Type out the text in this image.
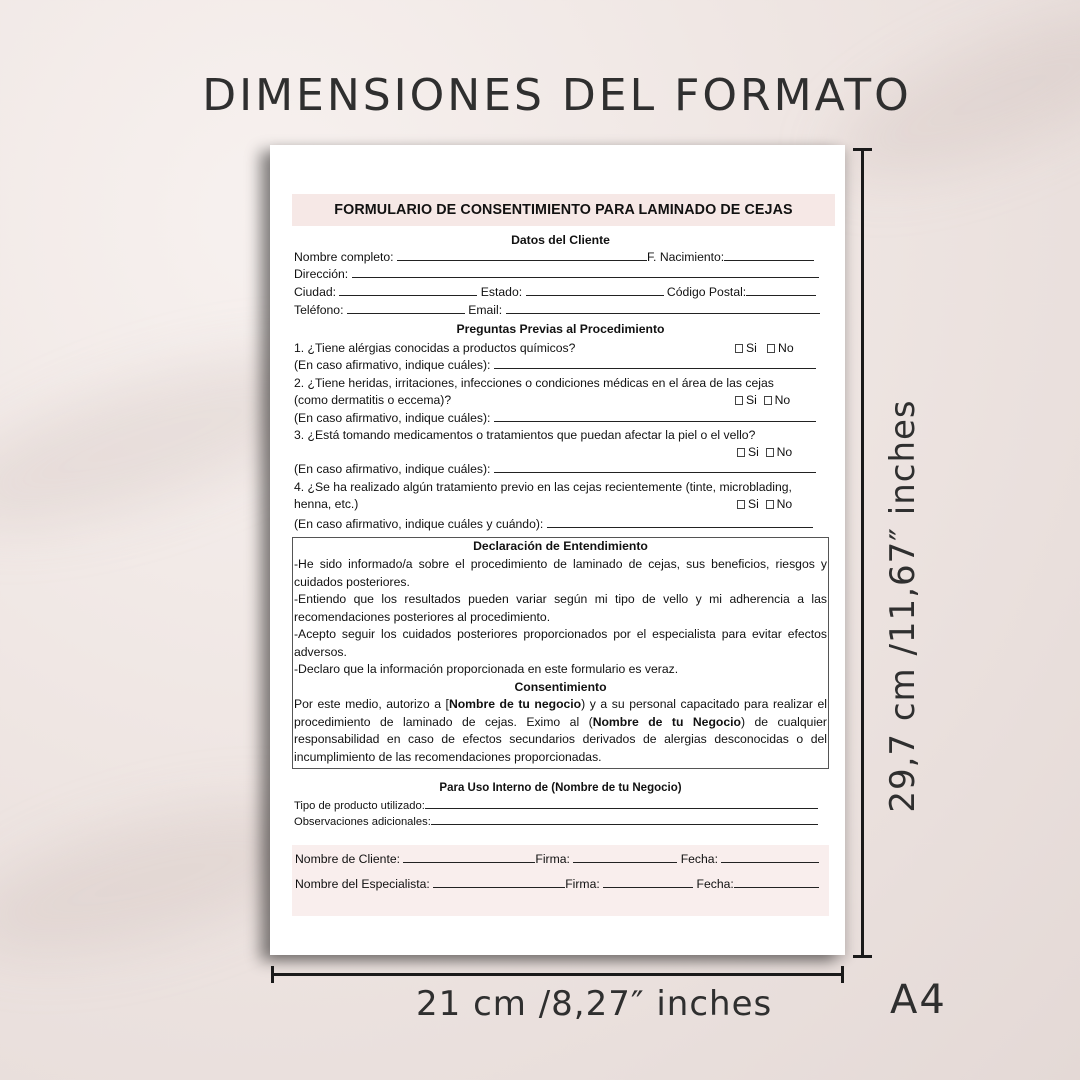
DIMENSIONES DEL FORMATO
FORMULARIO DE CONSENTIMIENTO PARA LAMINADO DE CEJAS
Datos del Cliente
Nombre completo:	F. Nacimiento:
Dirección:
Ciudad:	Estado:	Código Postal:
Teléfono:	Email:
Preguntas Previas al Procedimiento
1. ¿Tiene alérgias conocidas a productos químicos?	Si No
(En caso afirmativo, indique cuáles):
2. ¿Tiene heridas, irritaciones, infecciones o condiciones médicas en el área de las cejas
(como dermatitis o eccema)?	Si No
(En caso afirmativo, indique cuáles):
3. ¿Está tomando medicamentos o tratamientos que puedan afectar la piel o el vello?
Si No
(En caso afirmativo, indique cuáles):
4. ¿Se ha realizado algún tratamiento previo en las cejas recientemente (tinte, microblading,
henna, etc.)	Si No
(En caso afirmativo, indique cuáles y cuándo):
Declaración de Entendimiento
-He sido informado/a sobre el procedimiento de laminado de cejas, sus beneficios, riesgos y cuidados posteriores.
-Entiendo que los resultados pueden variar según mi tipo de vello y mi adherencia a las recomendaciones posteriores al procedimiento.
-Acepto seguir los cuidados posteriores proporcionados por el especialista para evitar efectos adversos.
-Declaro que la información proporcionada en este formulario es veraz.
Consentimiento
Por este medio, autorizo a [Nombre de tu negocio) y a su personal capacitado para realizar el procedimiento de laminado de cejas. Eximo al (Nombre de tu Negocio) de cualquier responsabilidad en caso de efectos secundarios derivados de alergias desconocidas o del incumplimiento de las recomendaciones proporcionadas.
Para Uso Interno de (Nombre de tu Negocio)
Tipo de producto utilizado:
Observaciones adicionales:
Nombre de Cliente:	Firma:	Fecha:
Nombre del Especialista:	Firma:	Fecha:
29,7 cm /11,67″ inches
21 cm /8,27″ inches	A4
